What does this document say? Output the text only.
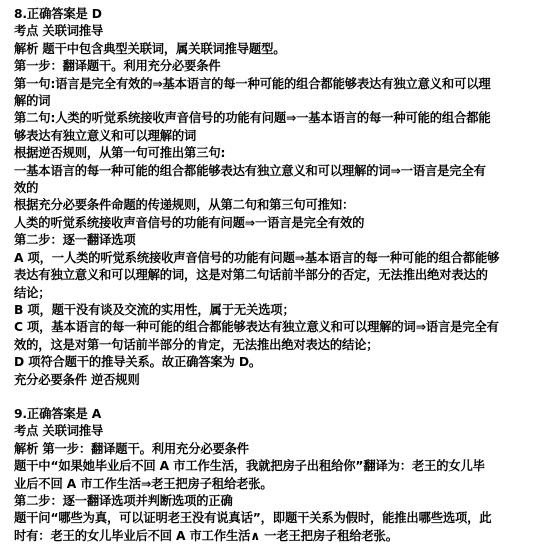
8.正确答案是 D
考点 关联词推导
解析 题干中包含典型关联词，属关联词推导题型。
第一步：翻译题干。利用充分必要条件
第一句:语言是完全有效的⇒基本语言的每一种可能的组合都能够表达有独立意义和可以理
解的词
第二句:人类的听觉系统接收声音信号的功能有问题⇒一基本语言的每一种可能的组合都能
够表达有独立意义和可以理解的词
根据逆否规则，从第一句可推出第三句:
一基本语言的每一种可能的组合都能够表达有独立意义和可以理解的词⇒一语言是完全有
效的
根据充分必要条件命题的传递规则，从第二句和第三句可推知：
人类的听觉系统接收声音信号的功能有问题⇒一语言是完全有效的
第二步：逐一翻译选项
A 项，一人类的听觉系统接收声音信号的功能有问题⇒基本语言的每一种可能的组合都能够
表达有独立意义和可以理解的词，这是对第二句话前半部分的否定，无法推出绝对表达的
结论；
B 项，题干没有谈及交流的实用性，属于无关选项；
C 项，基本语言的每一种可能的组合都能够表达有独立意义和可以理解的词⇒语言是完全有
效的，这是对第一句话前半部分的肯定，无法推出绝对表达的结论；
D 项符合题干的推导关系。故正确答案为 D。
充分必要条件 逆否规则
9.正确答案是 A
考点 关联词推导
解析 第一步：翻译题干。利用充分必要条件
题干中“如果她毕业后不回 A 市工作生活，我就把房子出租给你”翻译为：老王的女儿毕
业后不回 A 市工作生活⇒老王把房子租给老张。
第二步：逐一翻译选项并判断选项的正确
题干问“哪些为真，可以证明老王没有说真话”，即题干关系为假时，能推出哪些选项，此
时有：老王的女儿毕业后不回 A 市工作生活∧ 一老王把房子租给老张。
